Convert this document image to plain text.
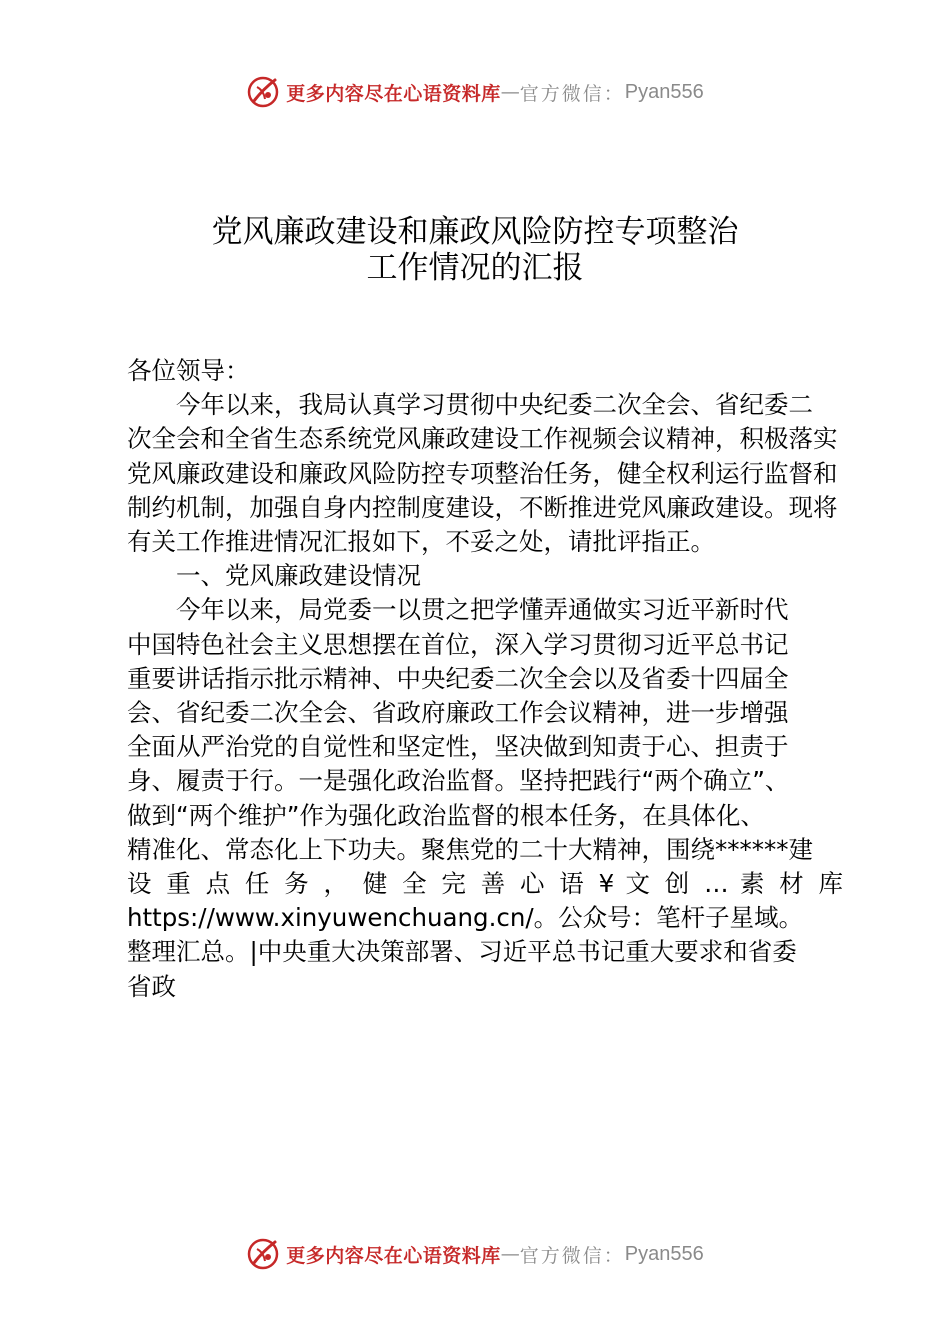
更多内容尽在心语资料库 — 官方微信： Pyan556
党风廉政建设和廉政风险防控专项整治
工作情况的汇报

各位领导：

今年以来，我局认真学习贯彻中央纪委二次全会、省纪委二

次全会和全省生态系统党风廉政建设工作视频会议精神，积极落实

党风廉政建设和廉政风险防控专项整治任务，健全权利运行监督和

制约机制，加强自身内控制度建设，不断推进党风廉政建设。现将

有关工作推进情况汇报如下，不妥之处，请批评指正。

一、党风廉政建设情况

今年以来，局党委一以贯之把学懂弄通做实习近平新时代

中国特色社会主义思想摆在首位，深入学习贯彻习近平总书记

重要讲话指示批示精神、中央纪委二次全会以及省委十四届全

会、省纪委二次全会、省政府廉政工作会议精神，进一步增强

全面从严治党的自觉性和坚定性，坚决做到知责于心、担责于

身、履责于行。一是强化政治监督。坚持把践行“两个确立”、

做到“两个维护”作为强化政治监督的根本任务，在具体化、

精准化、常态化上下功夫。聚焦党的二十大精神，围绕******建

设 重 点 任 务 ， 健 全 完 善 心 语 ¥ 文 创 … 素 材 库

https://www.xinyuwenchuang.cn/。公众号：笔杆子星域。

整理汇总。|中央重大决策部署、习近平总书记重大要求和省委

省政

更多内容尽在心语资料库 — 官方微信： Pyan556
